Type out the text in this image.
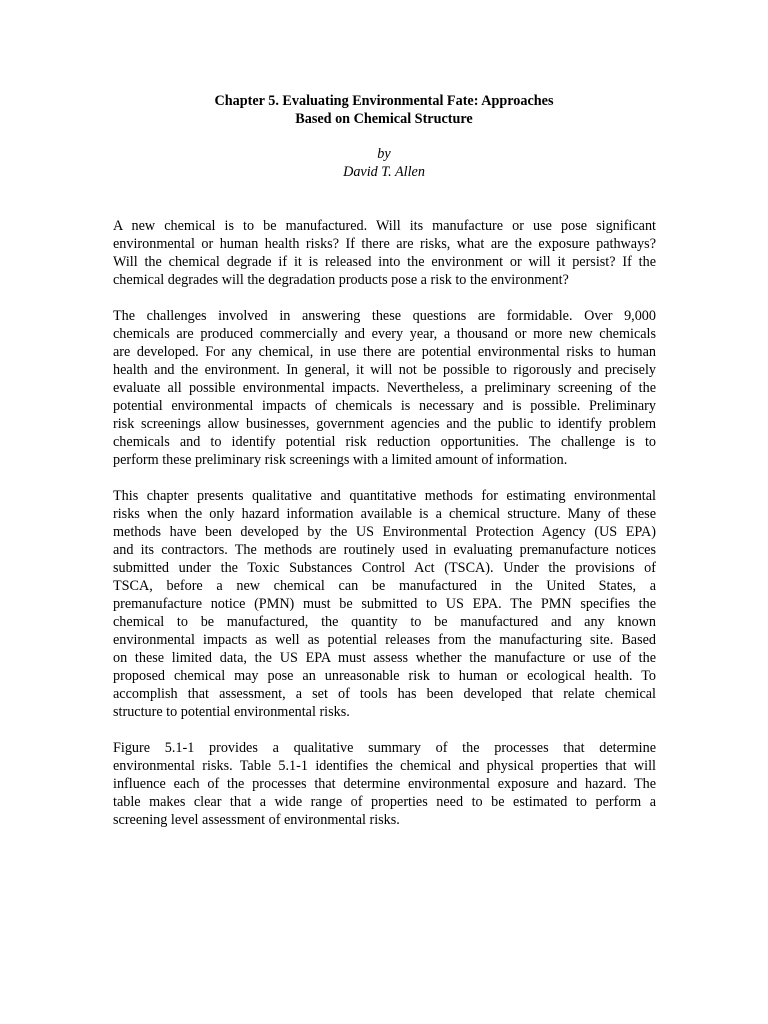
Chapter 5. Evaluating Environmental Fate: Approaches
Based on Chemical Structure
by
David T. Allen
A new chemical is to be manufactured. Will its manufacture or use pose significant
environmental or human health risks? If there are risks, what are the exposure pathways?
Will the chemical degrade if it is released into the environment or will it persist? If the
chemical degrades will the degradation products pose a risk to the environment?
The challenges involved in answering these questions are formidable. Over 9,000
chemicals are produced commercially and every year, a thousand or more new chemicals
are developed. For any chemical, in use there are potential environmental risks to human
health and the environment. In general, it will not be possible to rigorously and precisely
evaluate all possible environmental impacts. Nevertheless, a preliminary screening of the
potential environmental impacts of chemicals is necessary and is possible. Preliminary
risk screenings allow businesses, government agencies and the public to identify problem
chemicals and to identify potential risk reduction opportunities. The challenge is to
perform these preliminary risk screenings with a limited amount of information.
This chapter presents qualitative and quantitative methods for estimating environmental
risks when the only hazard information available is a chemical structure. Many of these
methods have been developed by the US Environmental Protection Agency (US EPA)
and its contractors. The methods are routinely used in evaluating premanufacture notices
submitted under the Toxic Substances Control Act (TSCA). Under the provisions of
TSCA, before a new chemical can be manufactured in the United States, a
premanufacture notice (PMN) must be submitted to US EPA. The PMN specifies the
chemical to be manufactured, the quantity to be manufactured and any known
environmental impacts as well as potential releases from the manufacturing site. Based
on these limited data, the US EPA must assess whether the manufacture or use of the
proposed chemical may pose an unreasonable risk to human or ecological health. To
accomplish that assessment, a set of tools has been developed that relate chemical
structure to potential environmental risks.
Figure 5.1-1 provides a qualitative summary of the processes that determine
environmental risks. Table 5.1-1 identifies the chemical and physical properties that will
influence each of the processes that determine environmental exposure and hazard. The
table makes clear that a wide range of properties need to be estimated to perform a
screening level assessment of environmental risks.
